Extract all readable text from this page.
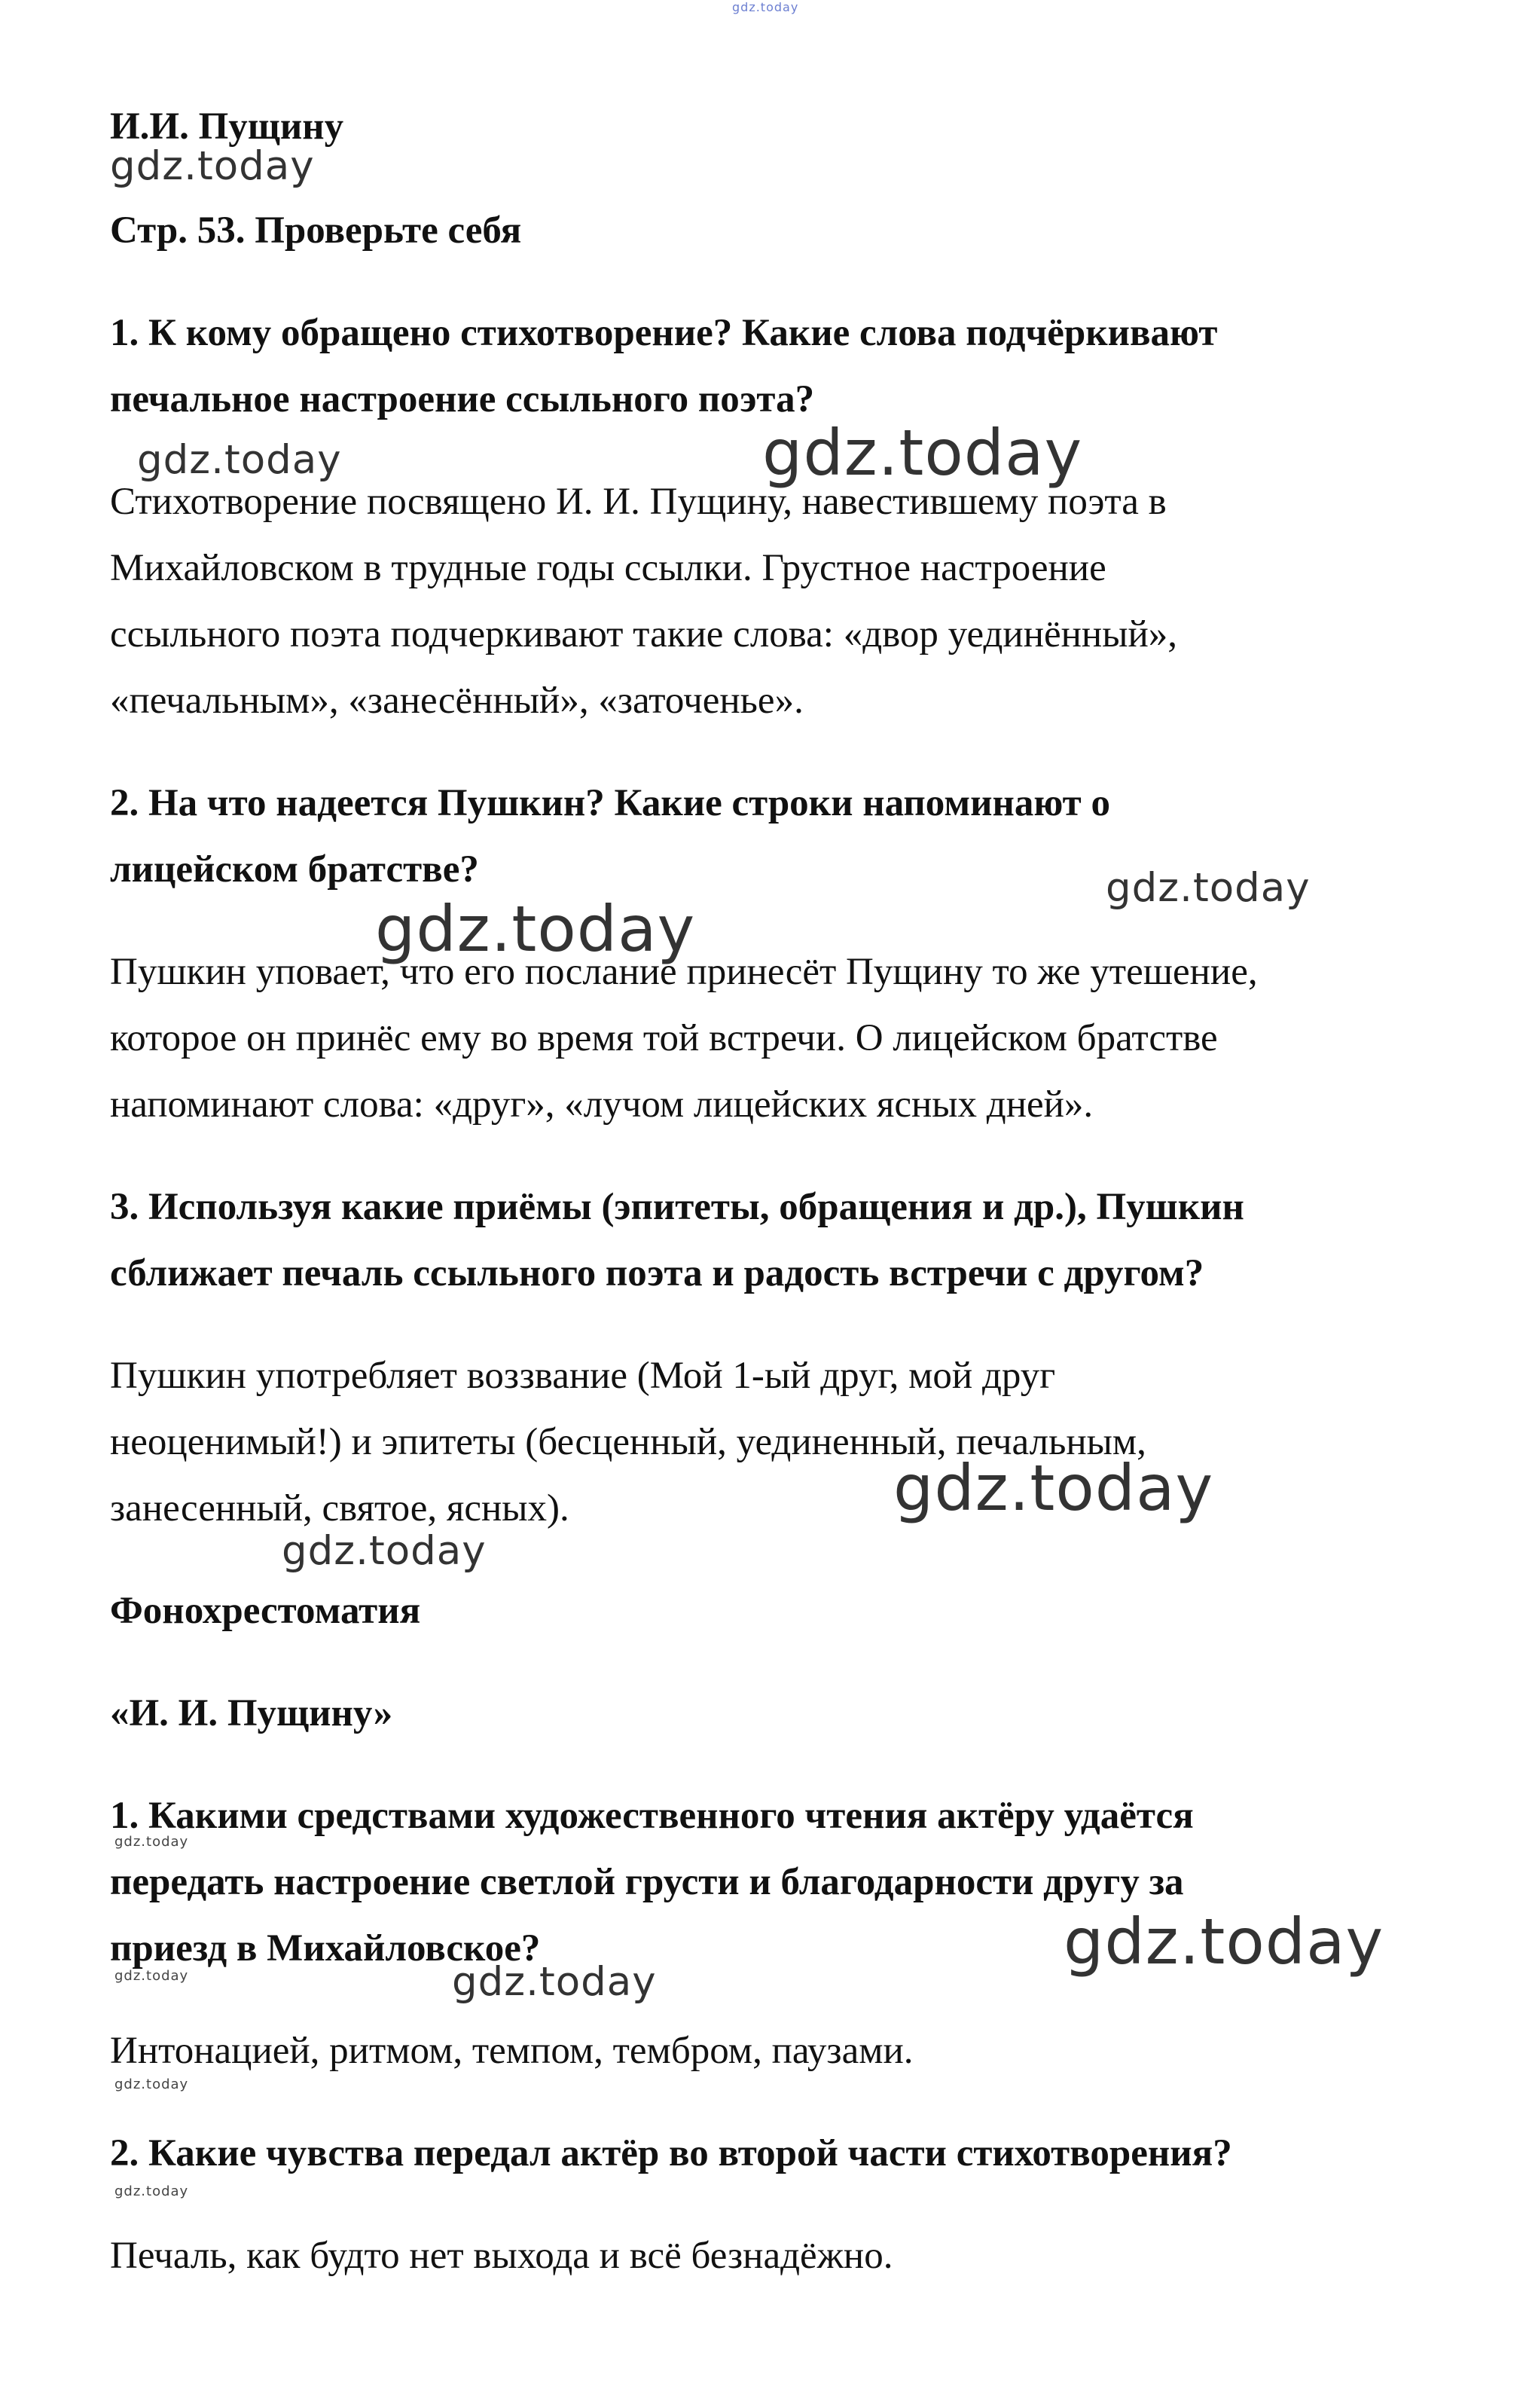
И.И. Пущину
Стр. 53. Проверьте себя
1. К кому обращено стихотворение? Какие слова подчёркивают
печальное настроение ссыльного поэта?
Стихотворение посвящено И. И. Пущину, навестившему поэта в
Михайловском в трудные годы ссылки. Грустное настроение
ссыльного поэта подчеркивают такие слова: «двор уединённый»,
«печальным», «занесённый», «заточенье».
2. На что надеется Пушкин? Какие строки напоминают о
лицейском братстве?
Пушкин уповает, что его послание принесёт Пущину то же утешение,
которое он принёс ему во время той встречи. О лицейском братстве
напоминают слова: «друг», «лучом лицейских ясных дней».
3. Используя какие приёмы (эпитеты, обращения и др.), Пушкин
сближает печаль ссыльного поэта и радость встречи с другом?
Пушкин употребляет воззвание (Мой 1-ый друг, мой друг
неоценимый!) и эпитеты (бесценный, уединенный, печальным,
занесенный, святое, ясных).
Фонохрестоматия
«И. И. Пущину»
1. Какими средствами художественного чтения актёру удаётся
передать настроение светлой грусти и благодарности другу за
приезд в Михайловское?
Интонацией, ритмом, темпом, тембром, паузами.
2. Какие чувства передал актёр во второй части стихотворения?
Печаль, как будто нет выхода и всё безнадёжно.
gdz.today
gdz.today
gdz.today	gdz.today
gdz.today
gdz.today
gdz.today
gdz.today
gdz.today
gdz.today
gdz.today	gdz.today
gdz.today
gdz.today
